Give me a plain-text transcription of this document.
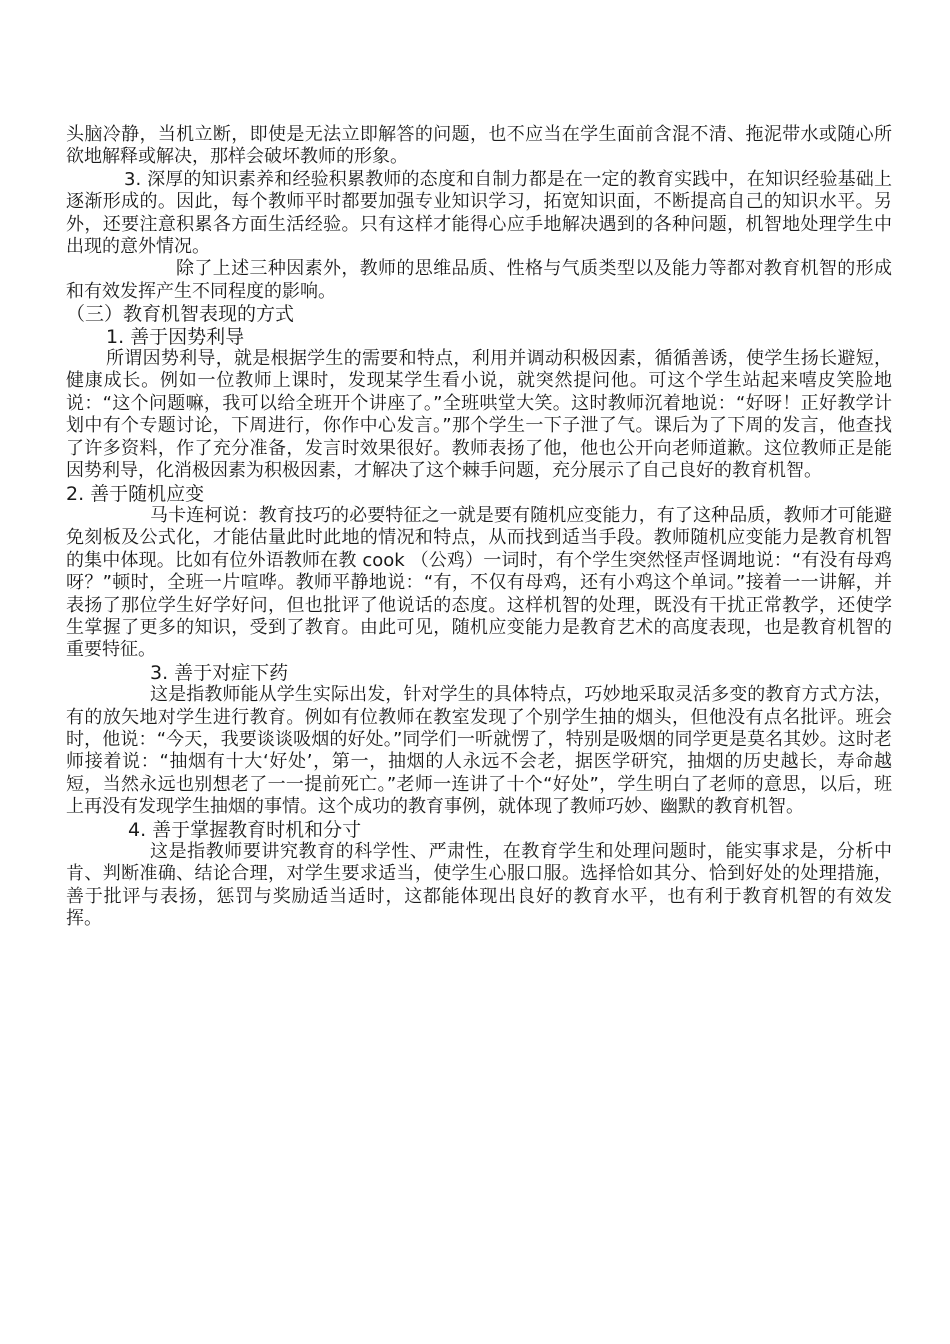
头脑冷静，当机立断，即使是无法立即解答的问题，也不应当在学生面前含混不清、拖泥带水或随心所欲地解释或解决，那样会破坏教师的形象。

3. 深厚的知识素养和经验积累教师的态度和自制力都是在一定的教育实践中，在知识经验基础上逐渐形成的。因此，每个教师平时都要加强专业知识学习，拓宽知识面，不断提高自己的知识水平。另外，还要注意积累各方面生活经验。只有这样才能得心应手地解决遇到的各种问题，机智地处理学生中出现的意外情况。

除了上述三种因素外，教师的思维品质、性格与气质类型以及能力等都对教育机智的形成和有效发挥产生不同程度的影响。

（三）教育机智表现的方式

1. 善于因势利导

所谓因势利导，就是根据学生的需要和特点，利用并调动积极因素，循循善诱，使学生扬长避短，健康成长。例如一位教师上课时，发现某学生看小说，就突然提问他。可这个学生站起来嘻皮笑脸地说：“这个问题嘛，我可以给全班开个讲座了。”全班哄堂大笑。这时教师沉着地说：“好呀！正好教学计划中有个专题讨论，下周进行，你作中心发言。”那个学生一下子泄了气。课后为了下周的发言，他查找了许多资料，作了充分准备，发言时效果很好。教师表扬了他，他也公开向老师道歉。这位教师正是能因势利导，化消极因素为积极因素，才解决了这个棘手问题，充分展示了自己良好的教育机智。

2. 善于随机应变

马卡连柯说：教育技巧的必要特征之一就是要有随机应变能力，有了这种品质，教师才可能避免刻板及公式化，才能估量此时此地的情况和特点，从而找到适当手段。教师随机应变能力是教育机智的集中体现。比如有位外语教师在教 cook （公鸡）一词时，有个学生突然怪声怪调地说：“有没有母鸡呀？”顿时，全班一片喧哗。教师平静地说：“有，不仅有母鸡，还有小鸡这个单词。”接着一一讲解，并表扬了那位学生好学好问，但也批评了他说话的态度。这样机智的处理，既没有干扰正常教学，还使学生掌握了更多的知识，受到了教育。由此可见，随机应变能力是教育艺术的高度表现，也是教育机智的重要特征。

3. 善于对症下药

这是指教师能从学生实际出发，针对学生的具体特点，巧妙地采取灵活多变的教育方式方法，有的放矢地对学生进行教育。例如有位教师在教室发现了个别学生抽的烟头，但他没有点名批评。班会时，他说：“今天，我要谈谈吸烟的好处。”同学们一听就愣了，特别是吸烟的同学更是莫名其妙。这时老师接着说：“抽烟有十大‘好处’，第一，抽烟的人永远不会老，据医学研究，抽烟的历史越长，寿命越短，当然永远也别想老了一一提前死亡。”老师一连讲了十个“好处”，学生明白了老师的意思，以后，班上再没有发现学生抽烟的事情。这个成功的教育事例，就体现了教师巧妙、幽默的教育机智。

4. 善于掌握教育时机和分寸

这是指教师要讲究教育的科学性、严肃性，在教育学生和处理问题时，能实事求是，分析中肯、判断准确、结论合理，对学生要求适当，使学生心服口服。选择恰如其分、恰到好处的处理措施，善于批评与表扬，惩罚与奖励适当适时，这都能体现出良好的教育水平，也有利于教育机智的有效发挥。
